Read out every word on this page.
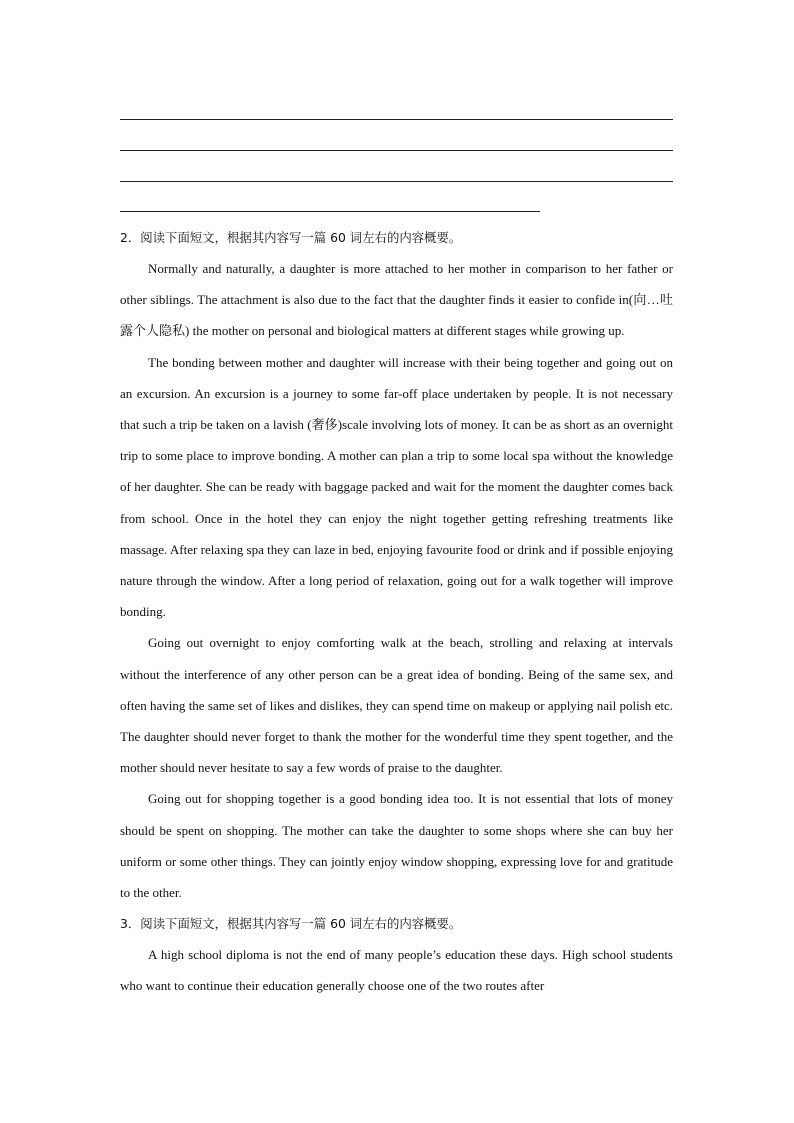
2．阅读下面短文，根据其内容写一篇 60 词左右的内容概要。

Normally and naturally, a daughter is more attached to her mother in comparison to her father or other siblings. The attachment is also due to the fact that the daughter finds it easier to confide in(向…吐露个人隐私) the mother on personal and biological matters at different stages while growing up.

The bonding between mother and daughter will increase with their being together and going out on an excursion. An excursion is a journey to some far-off place undertaken by people. It is not necessary that such a trip be taken on a lavish (奢侈)scale involving lots of money. It can be as short as an overnight trip to some place to improve bonding. A mother can plan a trip to some local spa without the knowledge of her daughter. She can be ready with baggage packed and wait for the moment the daughter comes back from school. Once in the hotel they can enjoy the night together getting refreshing treatments like massage. After relaxing spa they can laze in bed, enjoying favourite food or drink and if possible enjoying nature through the window. After a long period of relaxation, going out for a walk together will improve bonding.

Going out overnight to enjoy comforting walk at the beach, strolling and relaxing at intervals without the interference of any other person can be a great idea of bonding. Being of the same sex, and often having the same set of likes and dislikes, they can spend time on makeup or applying nail polish etc. The daughter should never forget to thank the mother for the wonderful time they spent together, and the mother should never hesitate to say a few words of praise to the daughter.

Going out for shopping together is a good bonding idea too. It is not essential that lots of money should be spent on shopping. The mother can take the daughter to some shops where she can buy her uniform or some other things. They can jointly enjoy window shopping, expressing love for and gratitude to the other.

3．阅读下面短文，根据其内容写一篇 60 词左右的内容概要。

A high school diploma is not the end of many people’s education these days. High school students who want to continue their education generally choose one of the two routes after
